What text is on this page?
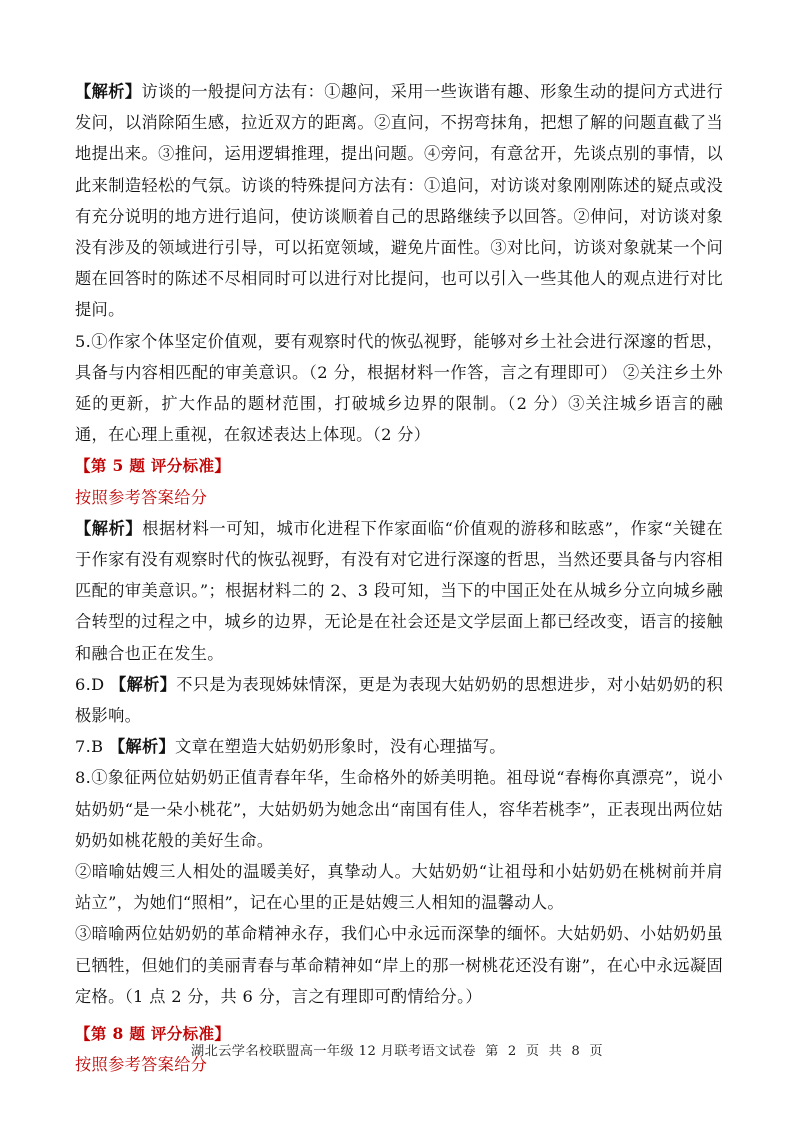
【解析】访谈的一般提问方法有：①趣问，采用一些诙谐有趣、形象生动的提问方式进行发问，以消除陌生感，拉近双方的距离。②直问，不拐弯抹角，把想了解的问题直截了当地提出来。③推问，运用逻辑推理，提出问题。④旁问，有意岔开，先谈点别的事情，以此来制造轻松的气氛。访谈的特殊提问方法有：①追问，对访谈对象刚刚陈述的疑点或没有充分说明的地方进行追问，使访谈顺着自己的思路继续予以回答。②伸问，对访谈对象没有涉及的领域进行引导，可以拓宽领域，避免片面性。③对比问，访谈对象就某一个问题在回答时的陈述不尽相同时可以进行对比提问，也可以引入一些其他人的观点进行对比提问。

5.①作家个体坚定价值观，要有观察时代的恢弘视野，能够对乡土社会进行深邃的哲思，具备与内容相匹配的审美意识。（2 分，根据材料一作答，言之有理即可） ②关注乡土外延的更新，扩大作品的题材范围，打破城乡边界的限制。（2 分）③关注城乡语言的融通，在心理上重视，在叙述表达上体现。（2 分）

【第 5 题 评分标准】

按照参考答案给分

【解析】根据材料一可知，城市化进程下作家面临“价值观的游移和眩惑”，作家“关键在于作家有没有观察时代的恢弘视野，有没有对它进行深邃的哲思，当然还要具备与内容相匹配的审美意识。”；根据材料二的 2、3 段可知，当下的中国正处在从城乡分立向城乡融合转型的过程之中，城乡的边界，无论是在社会还是文学层面上都已经改变，语言的接触和融合也正在发生。

6.D 【解析】不只是为表现姊妹情深，更是为表现大姑奶奶的思想进步，对小姑奶奶的积极影响。

7.B 【解析】文章在塑造大姑奶奶形象时，没有心理描写。

8.①象征两位姑奶奶正值青春年华，生命格外的娇美明艳。祖母说“春梅你真漂亮”，说小姑奶奶“是一朵小桃花”，大姑奶奶为她念出“南国有佳人，容华若桃李”，正表现出两位姑奶奶如桃花般的美好生命。

②暗喻姑嫂三人相处的温暖美好，真挚动人。大姑奶奶“让祖母和小姑奶奶在桃树前并肩站立”，为她们“照相”，记在心里的正是姑嫂三人相知的温馨动人。

③暗喻两位姑奶奶的革命精神永存，我们心中永远而深挚的缅怀。大姑奶奶、小姑奶奶虽已牺牲，但她们的美丽青春与革命精神如“岸上的那一树桃花还没有谢”，在心中永远凝固定格。（1 点 2 分，共 6 分，言之有理即可酌情给分。）

【第 8 题 评分标准】

按照参考答案给分

湖北云学名校联盟高一年级 12 月联考语文试卷  第  2  页  共  8  页
